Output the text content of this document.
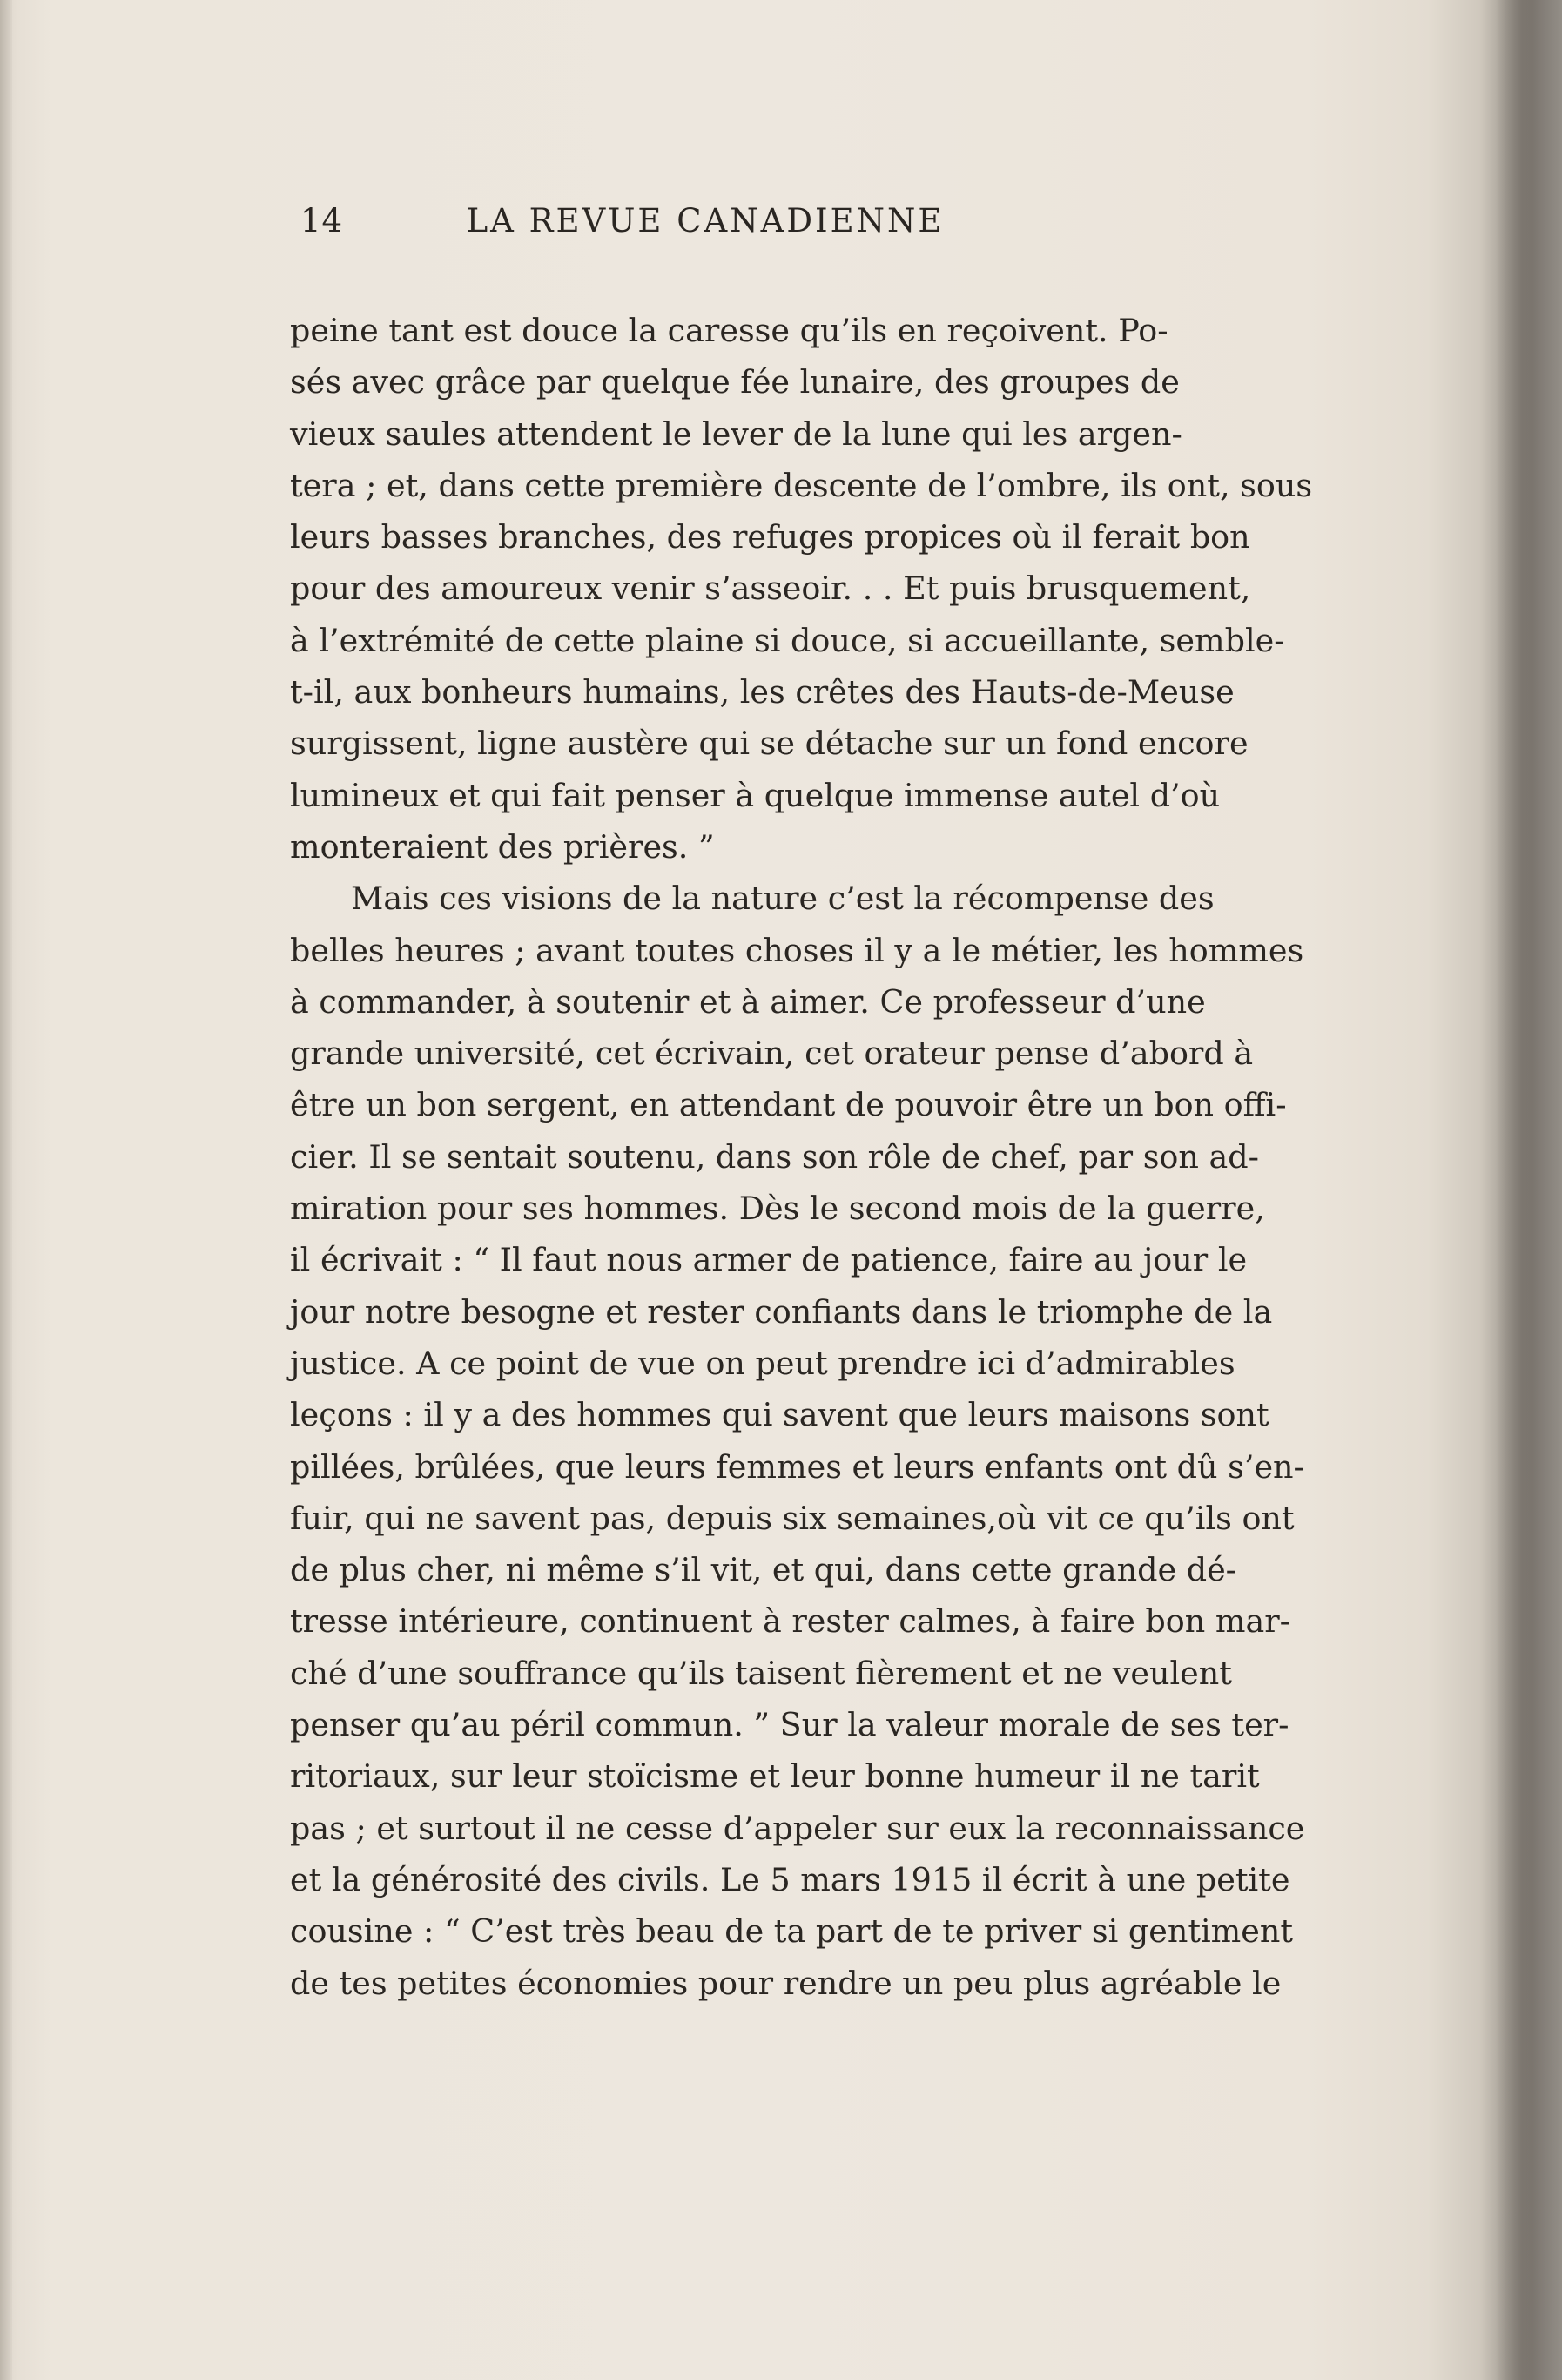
14	LA REVUE CANADIENNE
peine tant est douce la caresse qu’ils en reçoivent. Po-
sés avec grâce par quelque fée lunaire, des groupes de
vieux saules attendent le lever de la lune qui les argen-
tera ; et, dans cette première descente de l’ombre, ils ont, sous
leurs basses branches, des refuges propices où il ferait bon
pour des amoureux venir s’asseoir. . . Et puis brusquement,
à l’extrémité de cette plaine si douce, si accueillante, semble-
t-il, aux bonheurs humains, les crêtes des Hauts-de-Meuse
surgissent, ligne austère qui se détache sur un fond encore
lumineux et qui fait penser à quelque immense autel d’où
monteraient des prières. ”
Mais ces visions de la nature c’est la récompense des
belles heures ; avant toutes choses il y a le métier, les hommes
à commander, à soutenir et à aimer. Ce professeur d’une
grande université, cet écrivain, cet orateur pense d’abord à
être un bon sergent, en attendant de pouvoir être un bon offi-
cier. Il se sentait soutenu, dans son rôle de chef, par son ad-
miration pour ses hommes. Dès le second mois de la guerre,
il écrivait : “ Il faut nous armer de patience, faire au jour le
jour notre besogne et rester confiants dans le triomphe de la
justice. A ce point de vue on peut prendre ici d’admirables
leçons : il y a des hommes qui savent que leurs maisons sont
pillées, brûlées, que leurs femmes et leurs enfants ont dû s’en-
fuir, qui ne savent pas, depuis six semaines,où vit ce qu’ils ont
de plus cher, ni même s’il vit, et qui, dans cette grande dé-
tresse intérieure, continuent à rester calmes, à faire bon mar-
ché d’une souffrance qu’ils taisent fièrement et ne veulent
penser qu’au péril commun. ” Sur la valeur morale de ses ter-
ritoriaux, sur leur stoïcisme et leur bonne humeur il ne tarit
pas ; et surtout il ne cesse d’appeler sur eux la reconnaissance
et la générosité des civils. Le 5 mars 1915 il écrit à une petite
cousine : “ C’est très beau de ta part de te priver si gentiment
de tes petites économies pour rendre un peu plus agréable le
